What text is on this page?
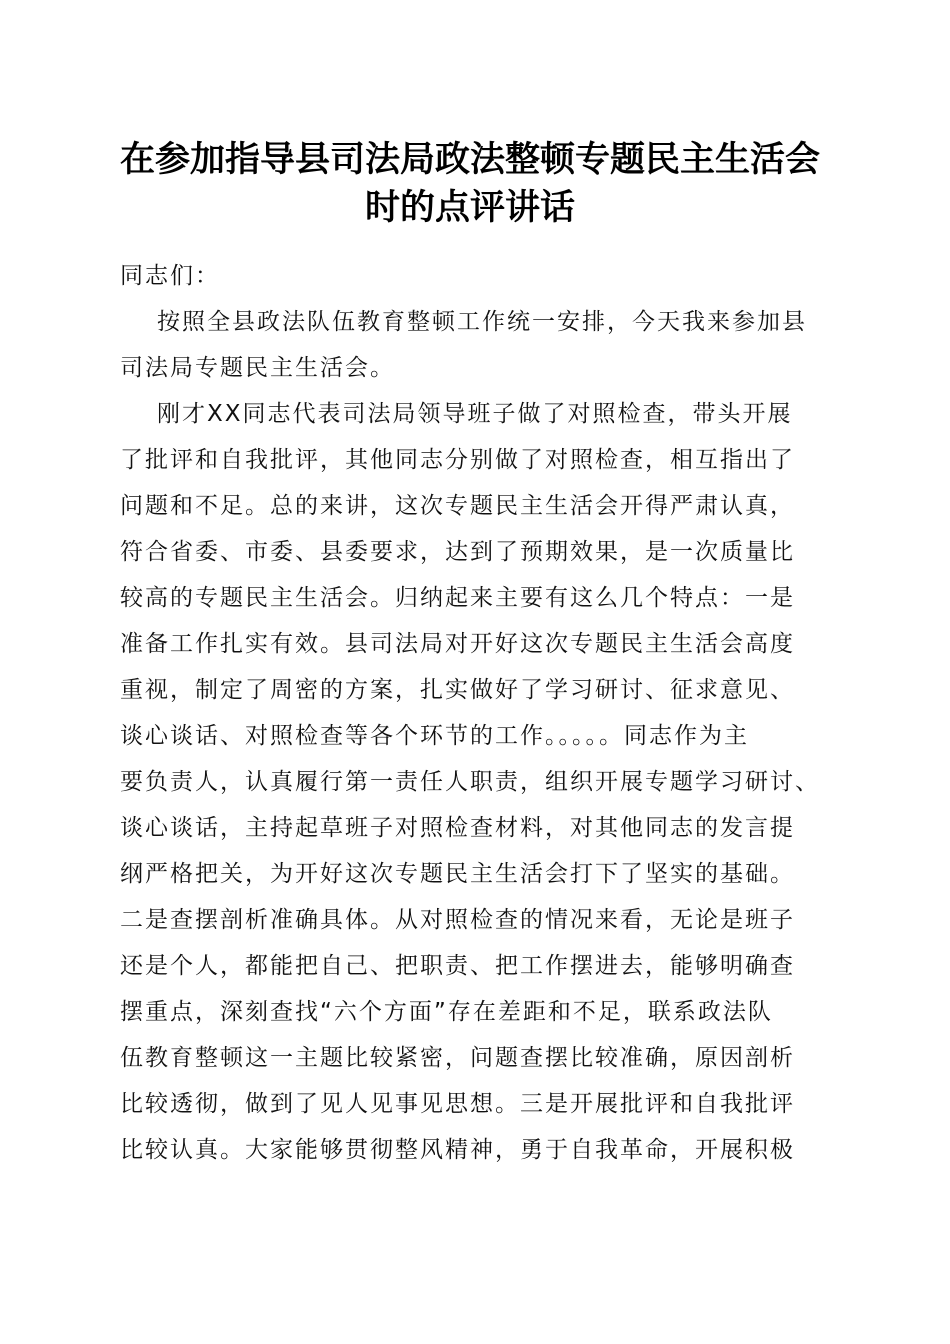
在参加指导县司法局政法整顿专题民主生活会
时的点评讲话
同志们：
按照全县政法队伍教育整顿工作统一安排，今天我来参加县
司法局专题民主生活会。
刚才XX同志代表司法局领导班子做了对照检查，带头开展
了批评和自我批评，其他同志分别做了对照检查，相互指出了
问题和不足。总的来讲，这次专题民主生活会开得严肃认真，
符合省委、市委、县委要求，达到了预期效果，是一次质量比
较高的专题民主生活会。归纳起来主要有这么几个特点：一是
准备工作扎实有效。县司法局对开好这次专题民主生活会高度
重视，制定了周密的方案，扎实做好了学习研讨、征求意见、
谈心谈话、对照检查等各个环节的工作。。。。。同志作为主
要负责人，认真履行第一责任人职责，组织开展专题学习研讨、
谈心谈话，主持起草班子对照检查材料，对其他同志的发言提
纲严格把关，为开好这次专题民主生活会打下了坚实的基础。
二是查摆剖析准确具体。从对照检查的情况来看，无论是班子
还是个人，都能把自己、把职责、把工作摆进去，能够明确查
摆重点，深刻查找“六个方面”存在差距和不足，联系政法队
伍教育整顿这一主题比较紧密，问题查摆比较准确，原因剖析
比较透彻，做到了见人见事见思想。三是开展批评和自我批评
比较认真。大家能够贯彻整风精神，勇于自我革命，开展积极
